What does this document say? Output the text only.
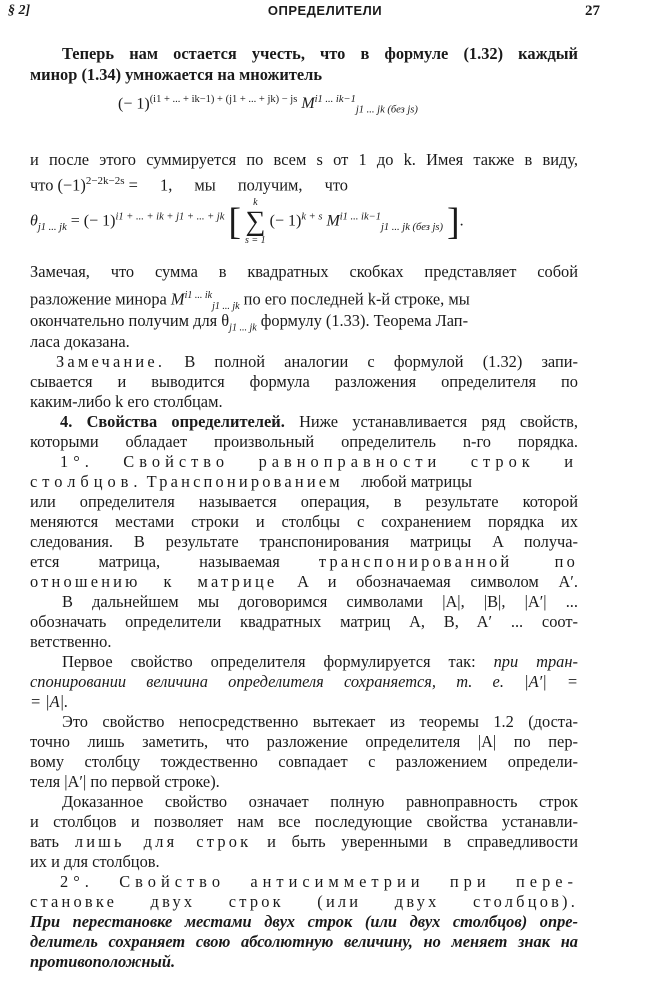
§ 2]	ОПРЕДЕЛИТЕЛИ	27
Теперь нам остается учесть, что в формуле (1.32) каждый
минор (1.34) умножается на множитель
(− 1)$^{(i1 + ... + ik-1) + (j1 + ... + jk) - js}$ $M^{i1 ... ik-1}_{j1 ... jk (без js)}$
и после этого суммируется по всем s от 1 до k. Имея также в виду,
что $(-1)^{2-2k-2s} = 1$, мы получим, что
$\theta_{j1 ... jk}$ = (− 1)$^{i1 + ... + ik + j1 + ... + jk}$ [	k
∑
s = 1
(− 1)$^{k + s}$ $M^{i1 ... ik-1}_{j1 ... jk (без js)}$ ].
Замечая, что сумма в квадратных скобках представляет собой
разложение минора $M^{i1 ... ik}_{j1 ... jk}$ по его последней k-й строке, мы
окончательно получим для $\theta_{j1 ... jk}$ формулу (1.33). Теорема Лап-
ласа доказана.
Замечание. В полной аналогии с формулой (1.32) запи-
сывается и выводится формула разложения определителя по
каким-либо k его столбцам.
4. Свойства определителей. Ниже устанавливается ряд свойств,
которыми обладает произвольный определитель n-го порядка.
1°. Свойство равноправности строк и
столбцов. Транспонированием любой матрицы
или определителя называется операция, в результате которой
меняются местами строки и столбцы с сохранением порядка их
следования. В результате транспонирования матрицы A получа-
ется матрица, называемая транспонированной по
отношению к матрице A и обозначаемая символом A′.
В дальнейшем мы договоримся символами |A|, |B|, |A′| ...
обозначать определители квадратных матриц A, B, A′ ... соот-
ветственно.
Первое свойство определителя формулируется так: при тран-
спонировании величина определителя сохраняется, т. е. |A′| =
= |A|.
Это свойство непосредственно вытекает из теоремы 1.2 (доста-
точно лишь заметить, что разложение определителя |A| по пер-
вому столбцу тождественно совпадает с разложением определи-
теля |A′| по первой строке).
Доказанное свойство означает полную равноправность строк
и столбцов и позволяет нам все последующие свойства устанавли-
вать лишь для строк и быть уверенными в справедливости
их и для столбцов.
2°. Свойство антисимметрии при пере-
становке двух строк (или двух столбцов).
При перестановке местами двух строк (или двух столбцов) опре-
делитель сохраняет свою абсолютную величину, но меняет знак на
противоположный.
